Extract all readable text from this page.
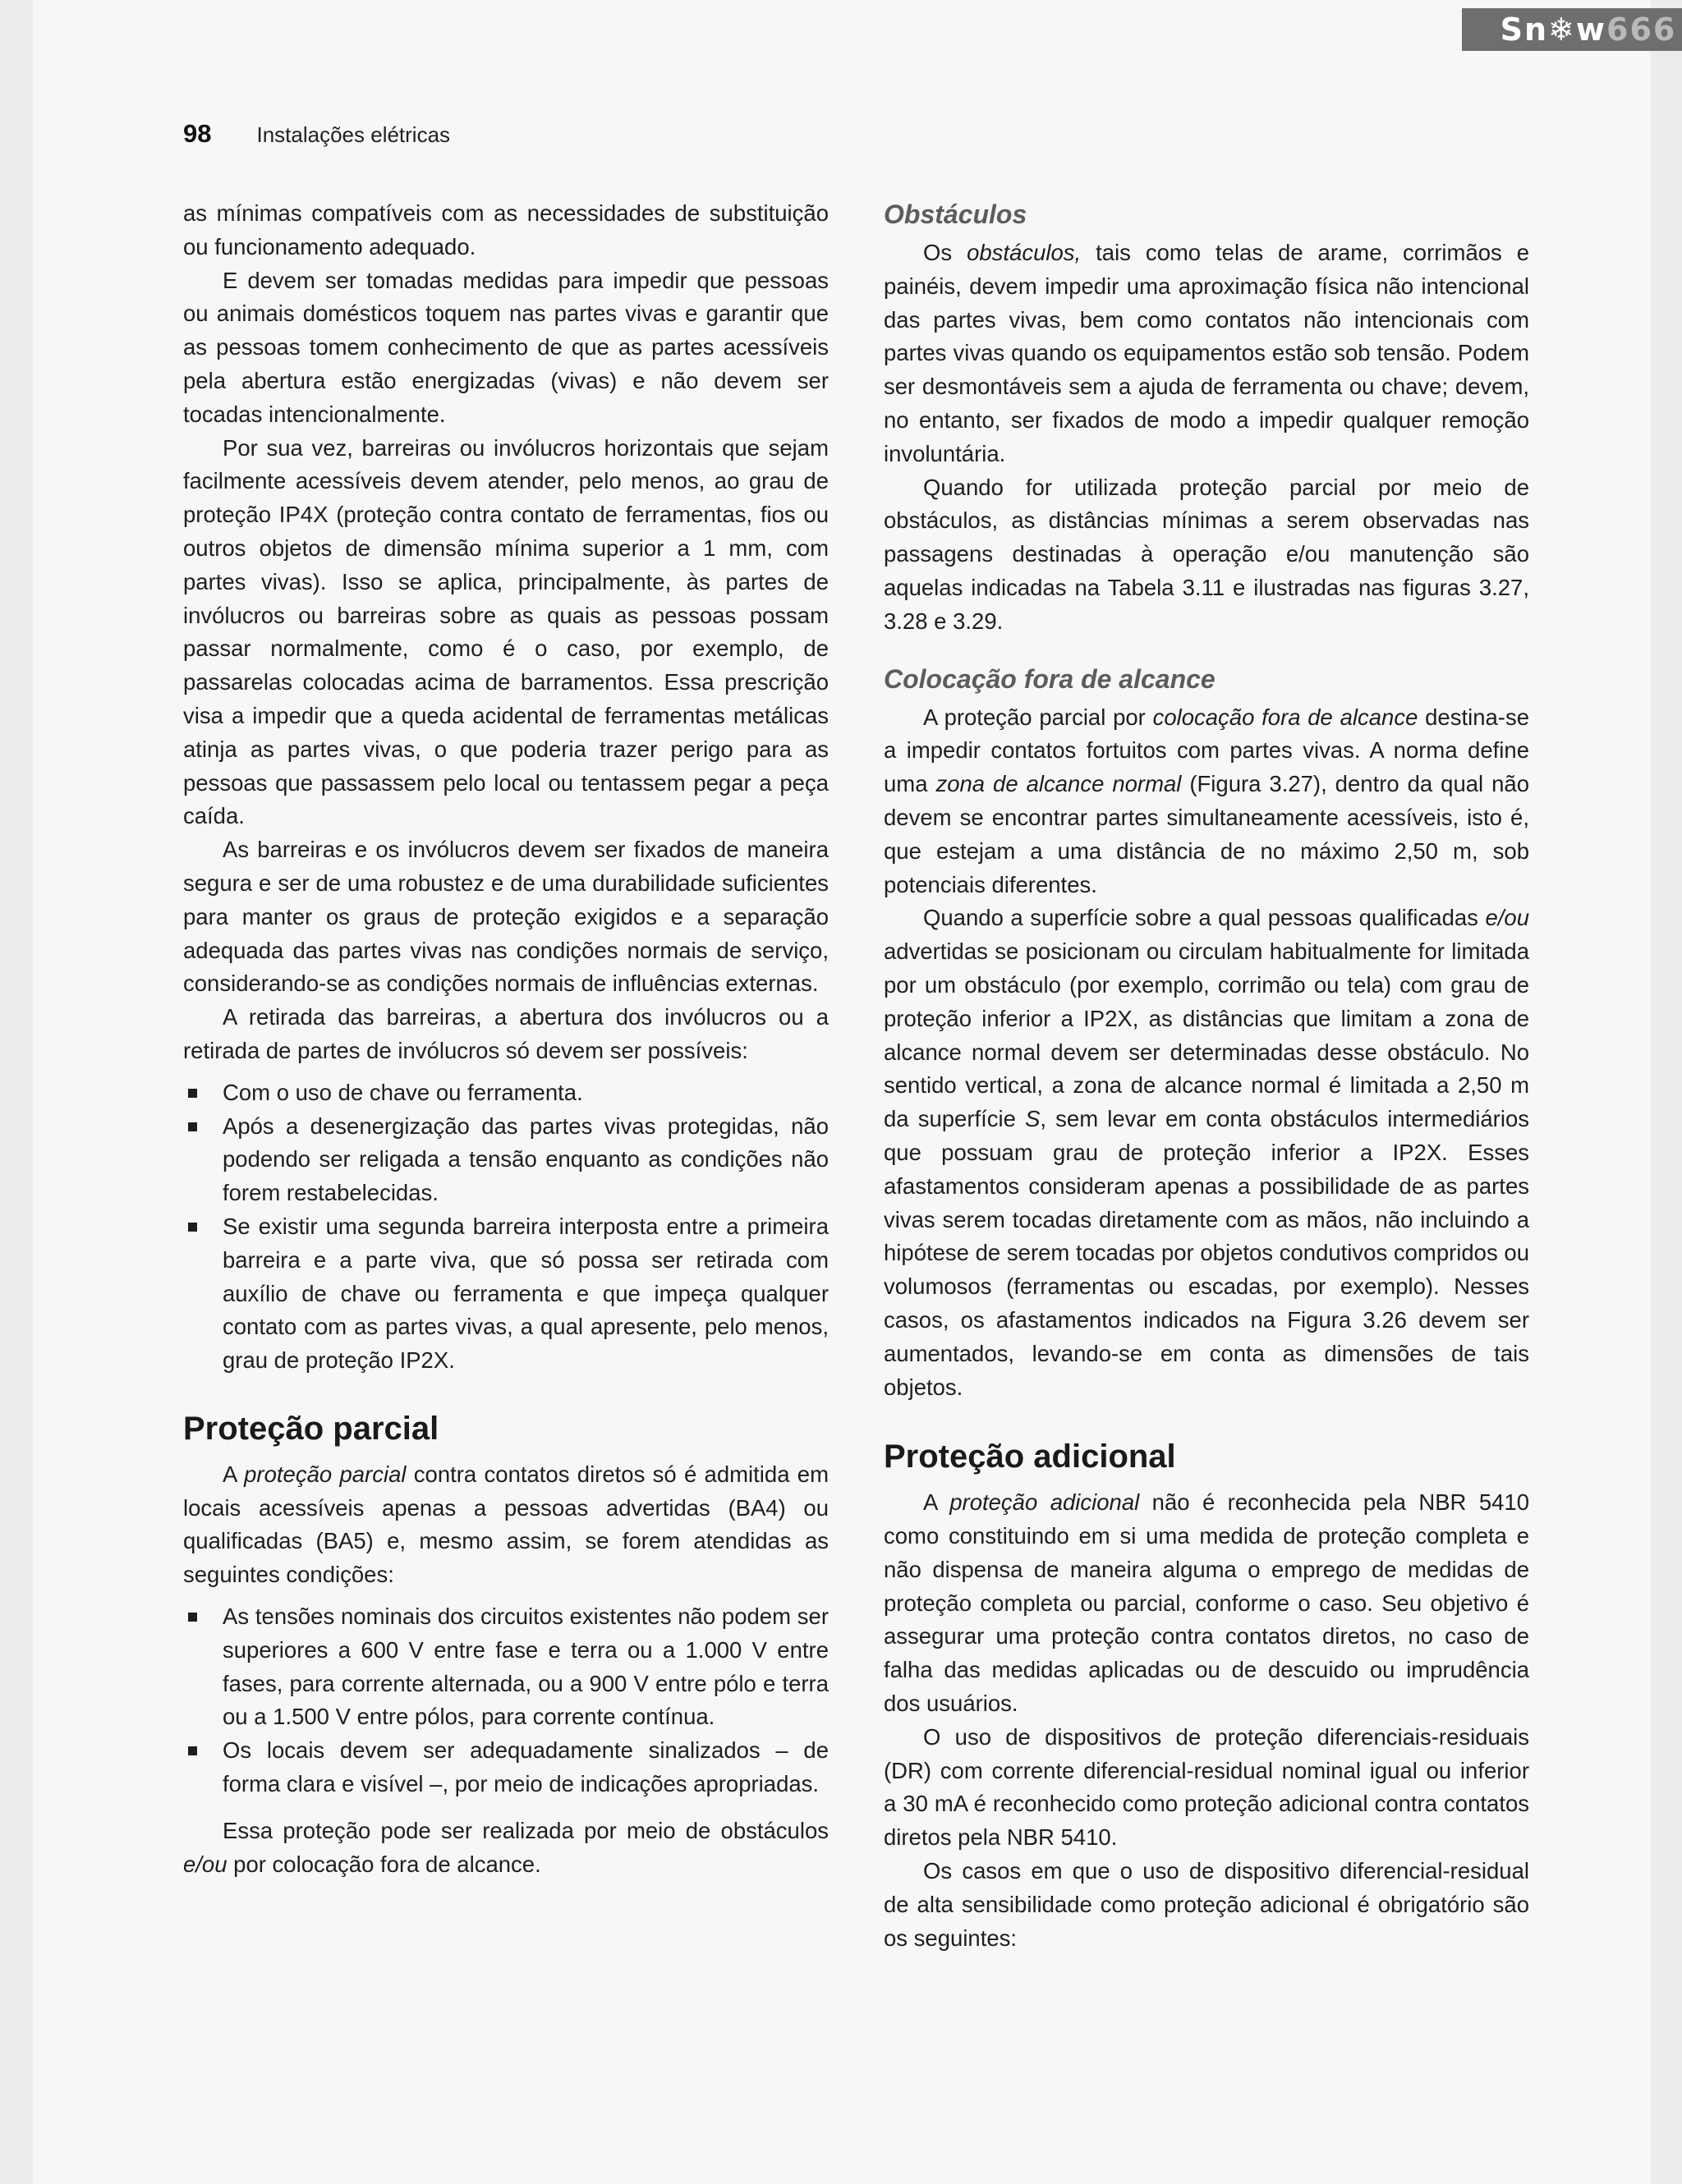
Sn❄w666
98 Instalações elétricas

as mínimas compatíveis com as necessidades de substituição ou funcionamento adequado.

E devem ser tomadas medidas para impedir que pessoas ou animais domésticos toquem nas partes vivas e garantir que as pessoas tomem conhecimento de que as partes acessíveis pela abertura estão energizadas (vivas) e não devem ser tocadas intencionalmente.

Por sua vez, barreiras ou invólucros horizontais que sejam facilmente acessíveis devem atender, pelo menos, ao grau de proteção IP4X (proteção contra contato de ferramentas, fios ou outros objetos de dimensão mínima superior a 1 mm, com partes vivas). Isso se aplica, principalmente, às partes de invólucros ou barreiras sobre as quais as pessoas possam passar normalmente, como é o caso, por exemplo, de passarelas colocadas acima de barramentos. Essa prescrição visa a impedir que a queda acidental de ferramentas metálicas atinja as partes vivas, o que poderia trazer perigo para as pessoas que passassem pelo local ou tentassem pegar a peça caída.

As barreiras e os invólucros devem ser fixados de maneira segura e ser de uma robustez e de uma durabilidade suficientes para manter os graus de proteção exigidos e a separação adequada das partes vivas nas condições normais de serviço, considerando-se as condições normais de influências externas.

A retirada das barreiras, a abertura dos invólucros ou a retirada de partes de invólucros só devem ser possíveis:

Com o uso de chave ou ferramenta.
Após a desenergização das partes vivas protegidas, não podendo ser religada a tensão enquanto as condições não forem restabelecidas.
Se existir uma segunda barreira interposta entre a primeira barreira e a parte viva, que só possa ser retirada com auxílio de chave ou ferramenta e que impeça qualquer contato com as partes vivas, a qual apresente, pelo menos, grau de proteção IP2X.
Proteção parcial

A proteção parcial contra contatos diretos só é admitida em locais acessíveis apenas a pessoas advertidas (BA4) ou qualificadas (BA5) e, mesmo assim, se forem atendidas as seguintes condições:

As tensões nominais dos circuitos existentes não podem ser superiores a 600 V entre fase e terra ou a 1.000 V entre fases, para corrente alternada, ou a 900 V entre pólo e terra ou a 1.500 V entre pólos, para corrente contínua.
Os locais devem ser adequadamente sinalizados – de forma clara e visível –, por meio de indicações apropriadas.

Essa proteção pode ser realizada por meio de obstáculos e/ou por colocação fora de alcance.

Obstáculos

Os obstáculos, tais como telas de arame, corrimãos e painéis, devem impedir uma aproximação física não intencional das partes vivas, bem como contatos não intencionais com partes vivas quando os equipamentos estão sob tensão. Podem ser desmontáveis sem a ajuda de ferramenta ou chave; devem, no entanto, ser fixados de modo a impedir qualquer remoção involuntária.

Quando for utilizada proteção parcial por meio de obstáculos, as distâncias mínimas a serem observadas nas passagens destinadas à operação e/ou manutenção são aquelas indicadas na Tabela 3.11 e ilustradas nas figuras 3.27, 3.28 e 3.29.

Colocação fora de alcance

A proteção parcial por colocação fora de alcance destina-se a impedir contatos fortuitos com partes vivas. A norma define uma zona de alcance normal (Figura 3.27), dentro da qual não devem se encontrar partes simultaneamente acessíveis, isto é, que estejam a uma distância de no máximo 2,50 m, sob potenciais diferentes.

Quando a superfície sobre a qual pessoas qualificadas e/ou advertidas se posicionam ou circulam habitualmente for limitada por um obstáculo (por exemplo, corrimão ou tela) com grau de proteção inferior a IP2X, as distâncias que limitam a zona de alcance normal devem ser determinadas desse obstáculo. No sentido vertical, a zona de alcance normal é limitada a 2,50 m da superfície S, sem levar em conta obstáculos intermediários que possuam grau de proteção inferior a IP2X. Esses afastamentos consideram apenas a possibilidade de as partes vivas serem tocadas diretamente com as mãos, não incluindo a hipótese de serem tocadas por objetos condutivos compridos ou volumosos (ferramentas ou escadas, por exemplo). Nesses casos, os afastamentos indicados na Figura 3.26 devem ser aumentados, levando-se em conta as dimensões de tais objetos.

Proteção adicional

A proteção adicional não é reconhecida pela NBR 5410 como constituindo em si uma medida de proteção completa e não dispensa de maneira alguma o emprego de medidas de proteção completa ou parcial, conforme o caso. Seu objetivo é assegurar uma proteção contra contatos diretos, no caso de falha das medidas aplicadas ou de descuido ou imprudência dos usuários.

O uso de dispositivos de proteção diferenciais-residuais (DR) com corrente diferencial-residual nominal igual ou inferior a 30 mA é reconhecido como proteção adicional contra contatos diretos pela NBR 5410.

Os casos em que o uso de dispositivo diferencial-residual de alta sensibilidade como proteção adicional é obrigatório são os seguintes:
